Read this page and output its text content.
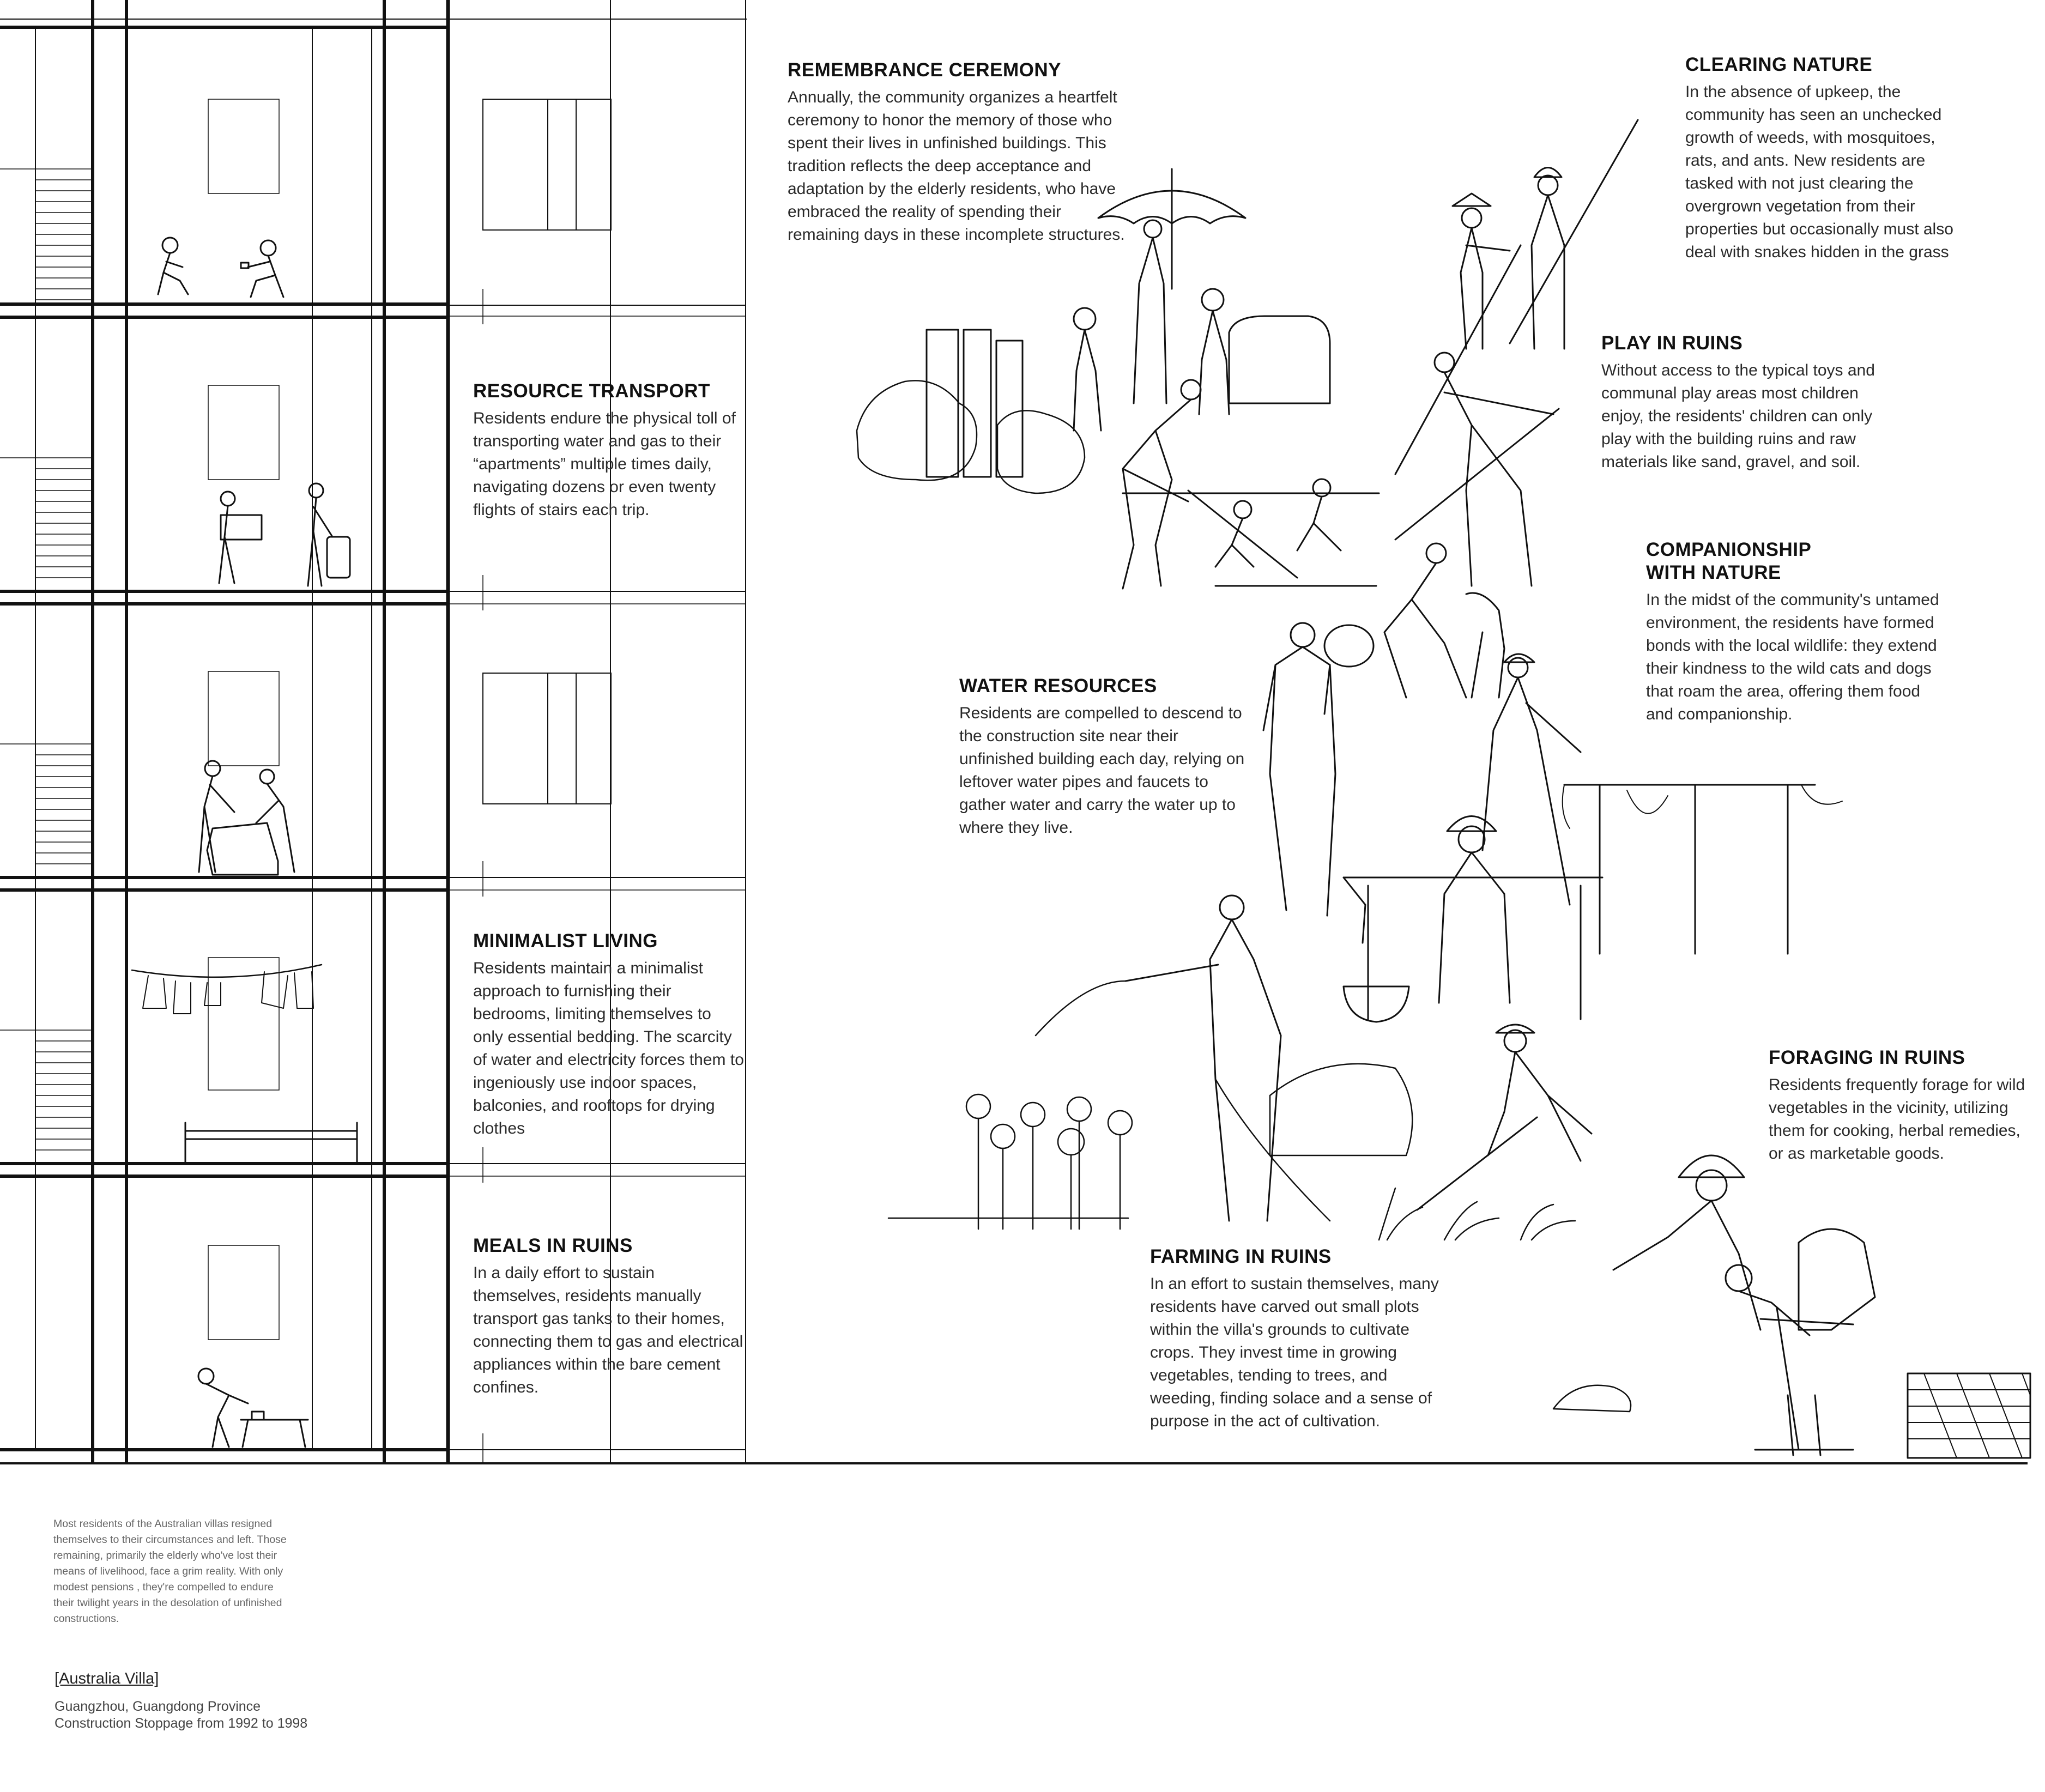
REMEMBRANCE CEREMONY

Annually, the community organizes a heartfelt ceremony to honor the memory of those who spent their lives in unfinished buildings. This tradition reflects the deep acceptance and adaptation by the elderly residents, who have embraced the reality of spending their remaining days in these incomplete structures.

CLEARING NATURE

In the absence of upkeep, the community has seen an unchecked growth of weeds, with mosquitoes, rats, and ants. New residents are tasked with not just clearing the overgrown vegetation from their properties but occasionally must also deal with snakes hidden in the grass

RESOURCE TRANSPORT

Residents endure the physical toll of transporting water and gas to their “apartments” multiple times daily, navigating dozens or even twenty flights of stairs each trip.

PLAY IN RUINS

Without access to the typical toys and communal play areas most children enjoy, the residents' children can only play with the building ruins and raw materials like sand, gravel, and soil.

COMPANIONSHIP
WITH NATURE

In the midst of the community's untamed environment, the residents have formed bonds with the local wildlife: they extend their kindness to the wild cats and dogs that roam the area, offering them food and companionship.

WATER RESOURCES

Residents are compelled to descend to the construction site near their unfinished building each day, relying on leftover water pipes and faucets to gather water and carry the water up to where they live.

MINIMALIST LIVING

Residents maintain a minimalist approach to furnishing their bedrooms, limiting themselves to only essential bedding. The scarcity of water and electricity forces them to ingeniously use indoor spaces, balconies, and rooftops for drying clothes

FORAGING IN RUINS

Residents frequently forage for wild vegetables in the vicinity, utilizing them for cooking, herbal remedies, or as marketable goods.

MEALS IN RUINS

In a daily effort to sustain themselves, residents manually transport gas tanks to their homes, connecting them to gas and electrical appliances within the bare cement confines.

FARMING IN RUINS

In an effort to sustain themselves, many residents have carved out small plots within the villa's grounds to cultivate crops. They invest time in growing vegetables, tending to trees, and weeding, finding solace and a sense of purpose in the act of cultivation.

Most residents of the Australian villas resigned themselves to their circumstances and left. Those remaining, primarily the elderly who've lost their means of livelihood, face a grim reality. With only modest pensions , they're compelled to endure their twilight years in the desolation of unfinished constructions.

[Australia Villa]

Guangzhou, Guangdong Province
Construction Stoppage from 1992 to 1998
